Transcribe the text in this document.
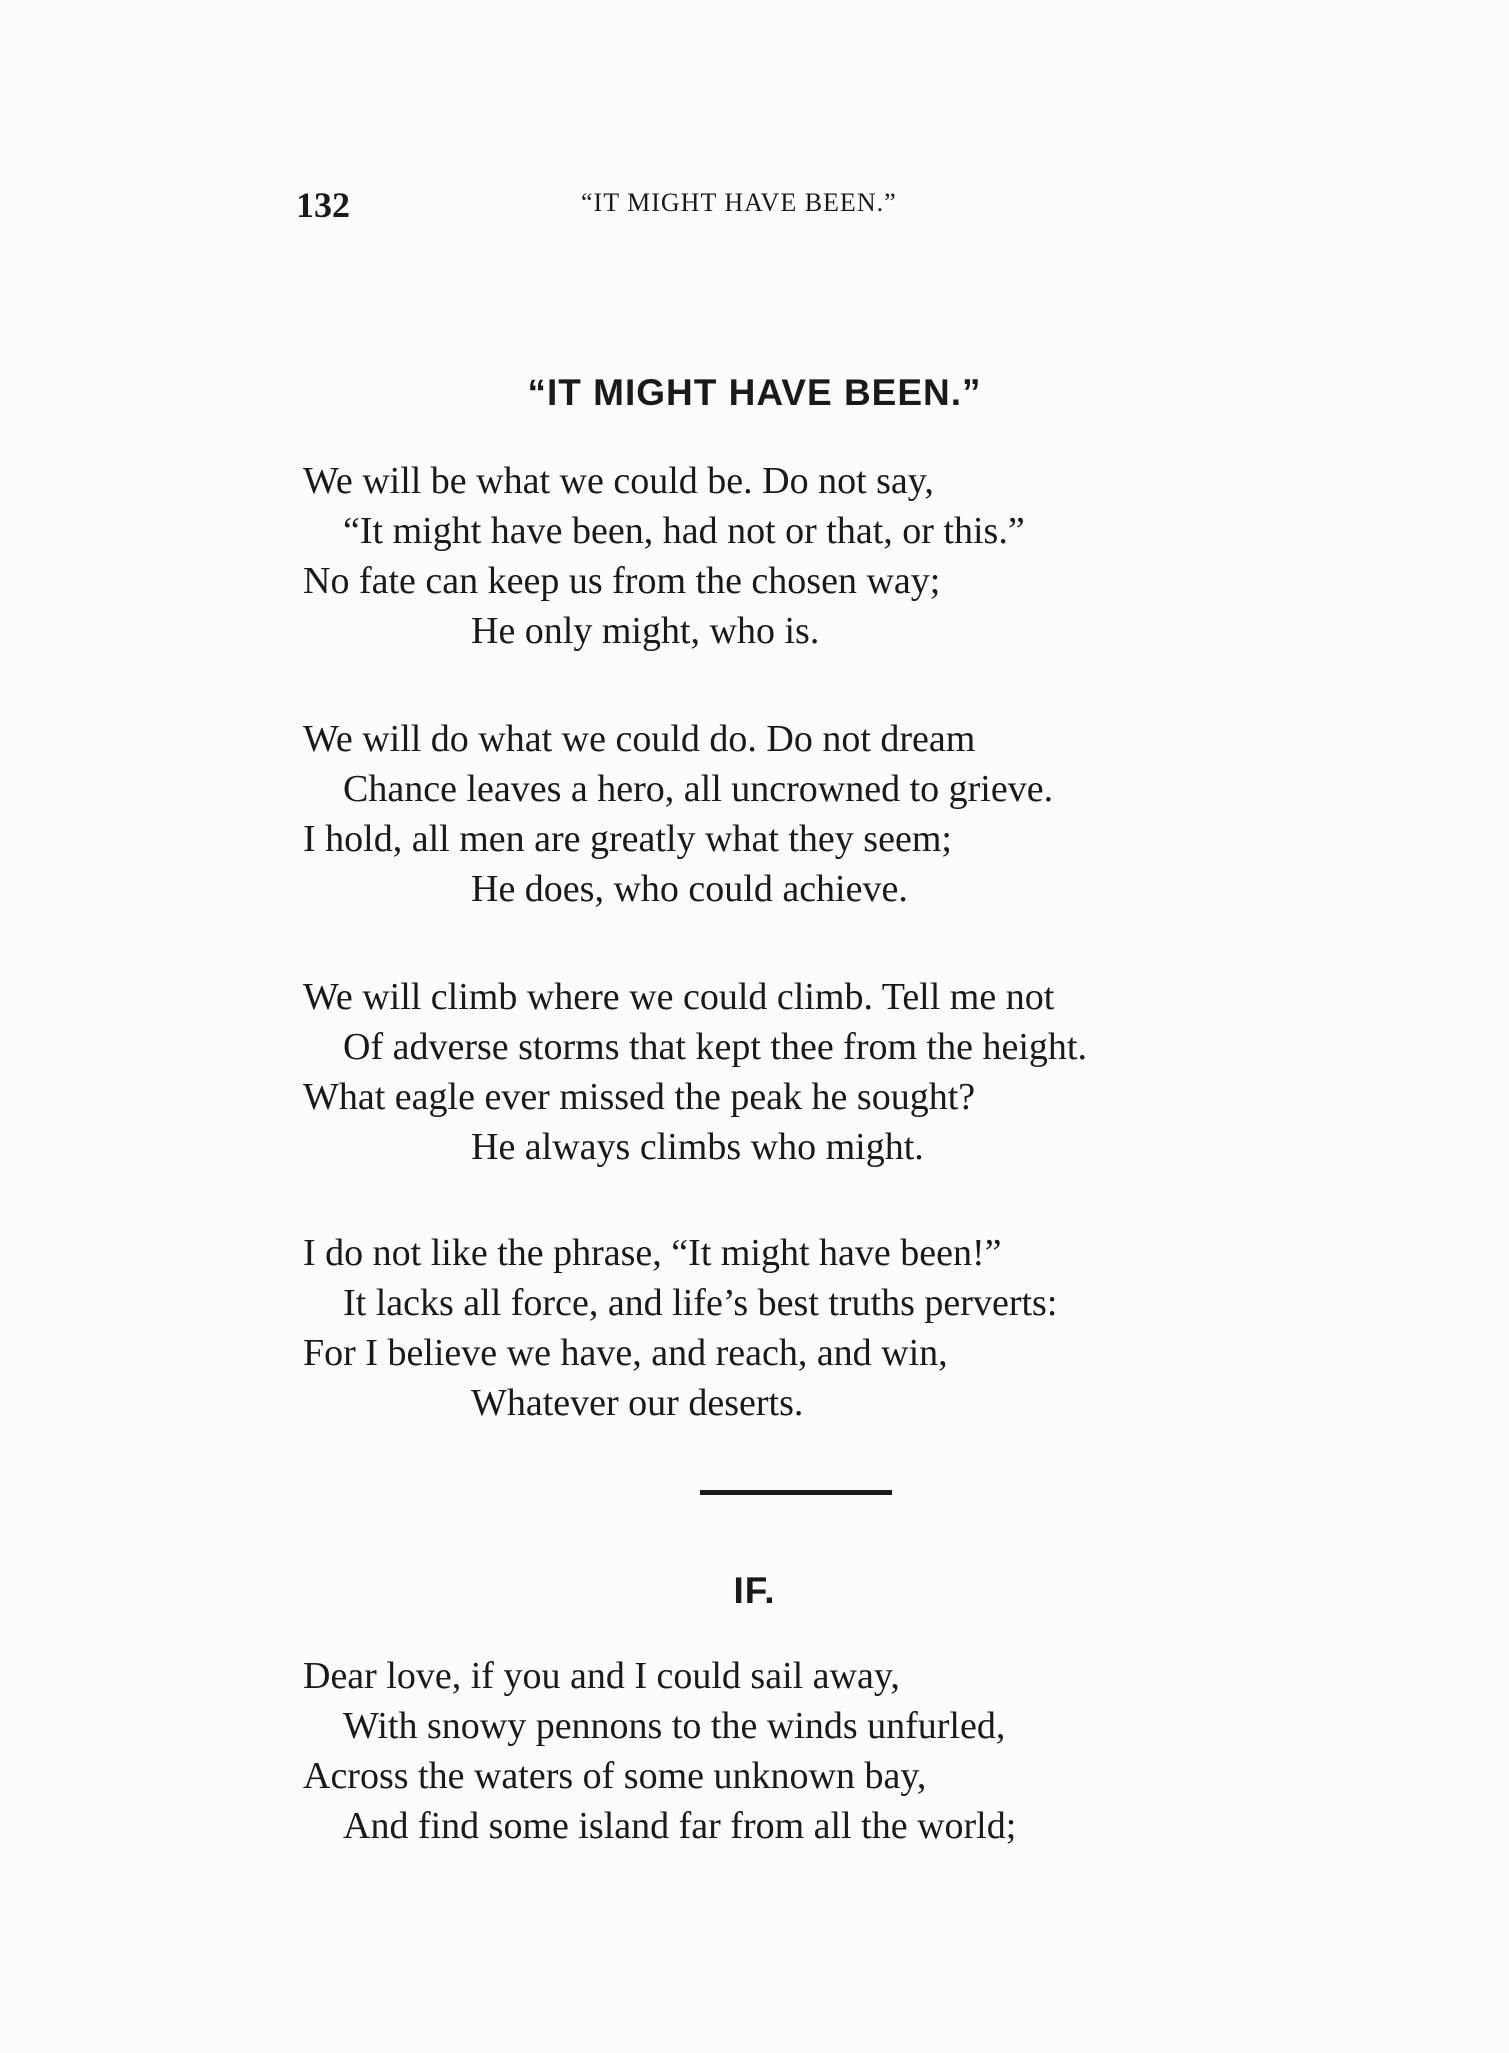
132	“IT MIGHT HAVE BEEN.”
“IT MIGHT HAVE BEEN.”
We will be what we could be. Do not say,
“It might have been, had not or that, or this.”
No fate can keep us from the chosen way;
He only might, who is.
We will do what we could do. Do not dream
Chance leaves a hero, all uncrowned to grieve.
I hold, all men are greatly what they seem;
He does, who could achieve.
We will climb where we could climb. Tell me not
Of adverse storms that kept thee from the height.
What eagle ever missed the peak he sought?
He always climbs who might.
I do not like the phrase, “It might have been!”
It lacks all force, and life’s best truths perverts:
For I believe we have, and reach, and win,
Whatever our deserts.
IF.
Dear love, if you and I could sail away,
With snowy pennons to the winds unfurled,
Across the waters of some unknown bay,
And find some island far from all the world;
